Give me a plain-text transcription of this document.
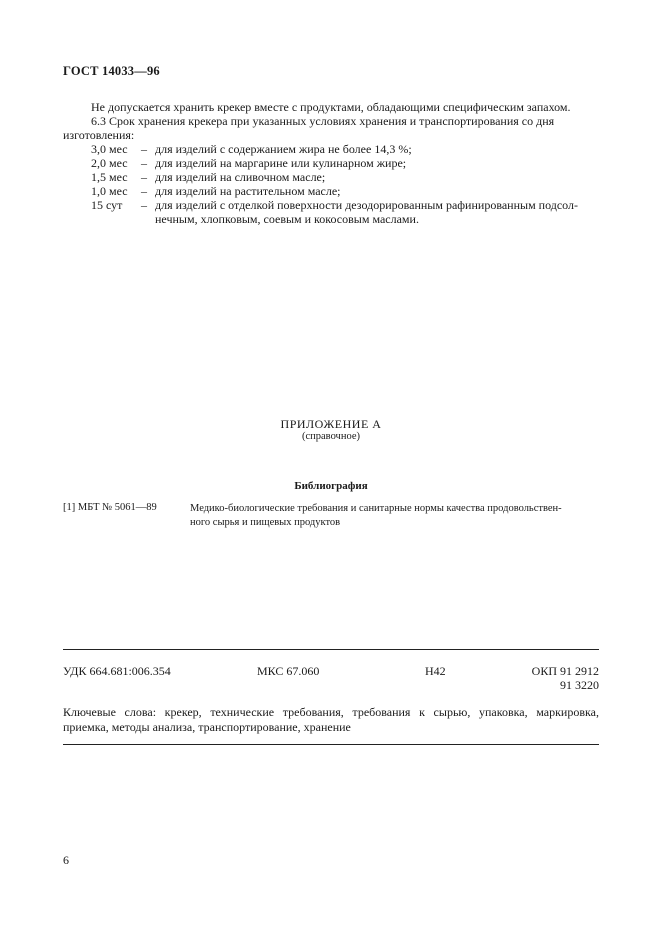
ГОСТ 14033—96
Не допускается хранить крекер вместе с продуктами, обладающими специфическим запахом.
6.3 Срок хранения крекера при указанных условиях хранения и транспортирования со дня
изготовления:
3,0 мес – для изделий с содержанием жира не более 14,3 %;
2,0 мес – для изделий на маргарине или кулинарном жире;
1,5 мес – для изделий на сливочном масле;
1,0 мес – для изделий на растительном масле;
15 сут – для изделий с отделкой поверхности дезодорированным рафинированным подсол-
нечным, хлопковым, соевым и кокосовым маслами.
ПРИЛОЖЕНИЕ А
(справочное)
Библиография
[1] МБТ № 5061—89	Медико-биологические требования и санитарные нормы качества продовольствен-
ного сырья и пищевых продуктов
УДК 664.681:006.354	МКС 67.060	Н42	ОКП 91 2912
91 3220
Ключевые слова: крекер, технические требования, требования к сырью, упаковка, маркировка,
приемка, методы анализа, транспортирование, хранение
6
